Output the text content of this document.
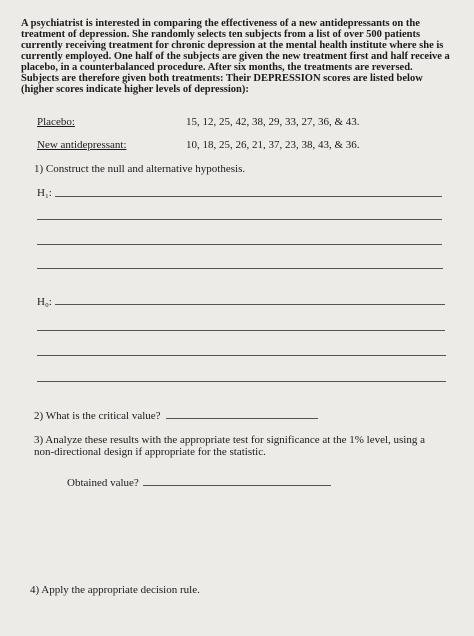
A psychiatrist is interested in comparing the effectiveness of a new antidepressants on the treatment of depression. She randomly selects ten subjects from a list of over 500 patients currently receiving treatment for chronic depression at the mental health institute where she is currently employed. One half of the subjects are given the new treatment first and half receive a placebo, in a counterbalanced procedure. After six months, the treatments are reversed. Subjects are therefore given both treatments: Their DEPRESSION scores are listed below (higher scores indicate higher levels of depression):

Placebo:	15, 12, 25, 42, 38, 29, 33, 27, 36, & 43.
New antidepressant:	10, 18, 25, 26, 21, 37, 23, 38, 43, & 36.
1) Construct the null and alternative hypothesis.
H₁:
H₀:
2) What is the critical value?
3) Analyze these results with the appropriate test for significance at the 1% level, using a non-directional design if appropriate for the statistic.
Obtained value?
4) Apply the appropriate decision rule.
